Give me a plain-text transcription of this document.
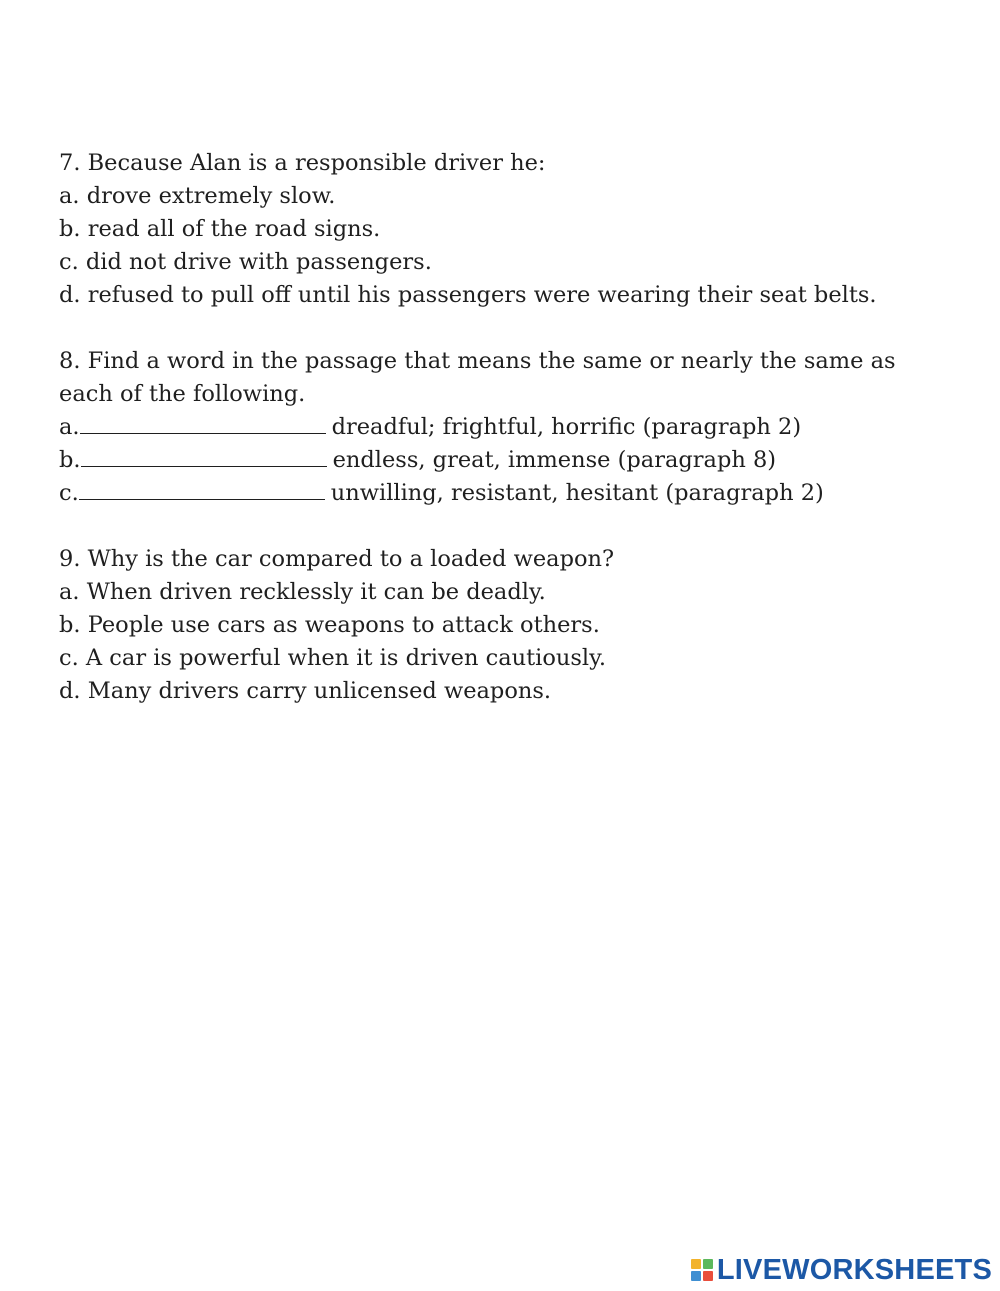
7. Because Alan is a responsible driver he:
a. drove extremely slow.
b. read all of the road signs.
c. did not drive with passengers.
d. refused to pull off until his passengers were wearing their seat belts.
8. Find a word in the passage that means the same or nearly the same as each of the following.
a.	dreadful; frightful, horrific (paragraph 2)
b.	endless, great, immense (paragraph 8)
c.	unwilling, resistant, hesitant (paragraph 2)
9. Why is the car compared to a loaded weapon?
a. When driven recklessly it can be deadly.
b. People use cars as weapons to attack others.
c. A car is powerful when it is driven cautiously.
d. Many drivers carry unlicensed weapons.
LIVEWORKSHEETS
